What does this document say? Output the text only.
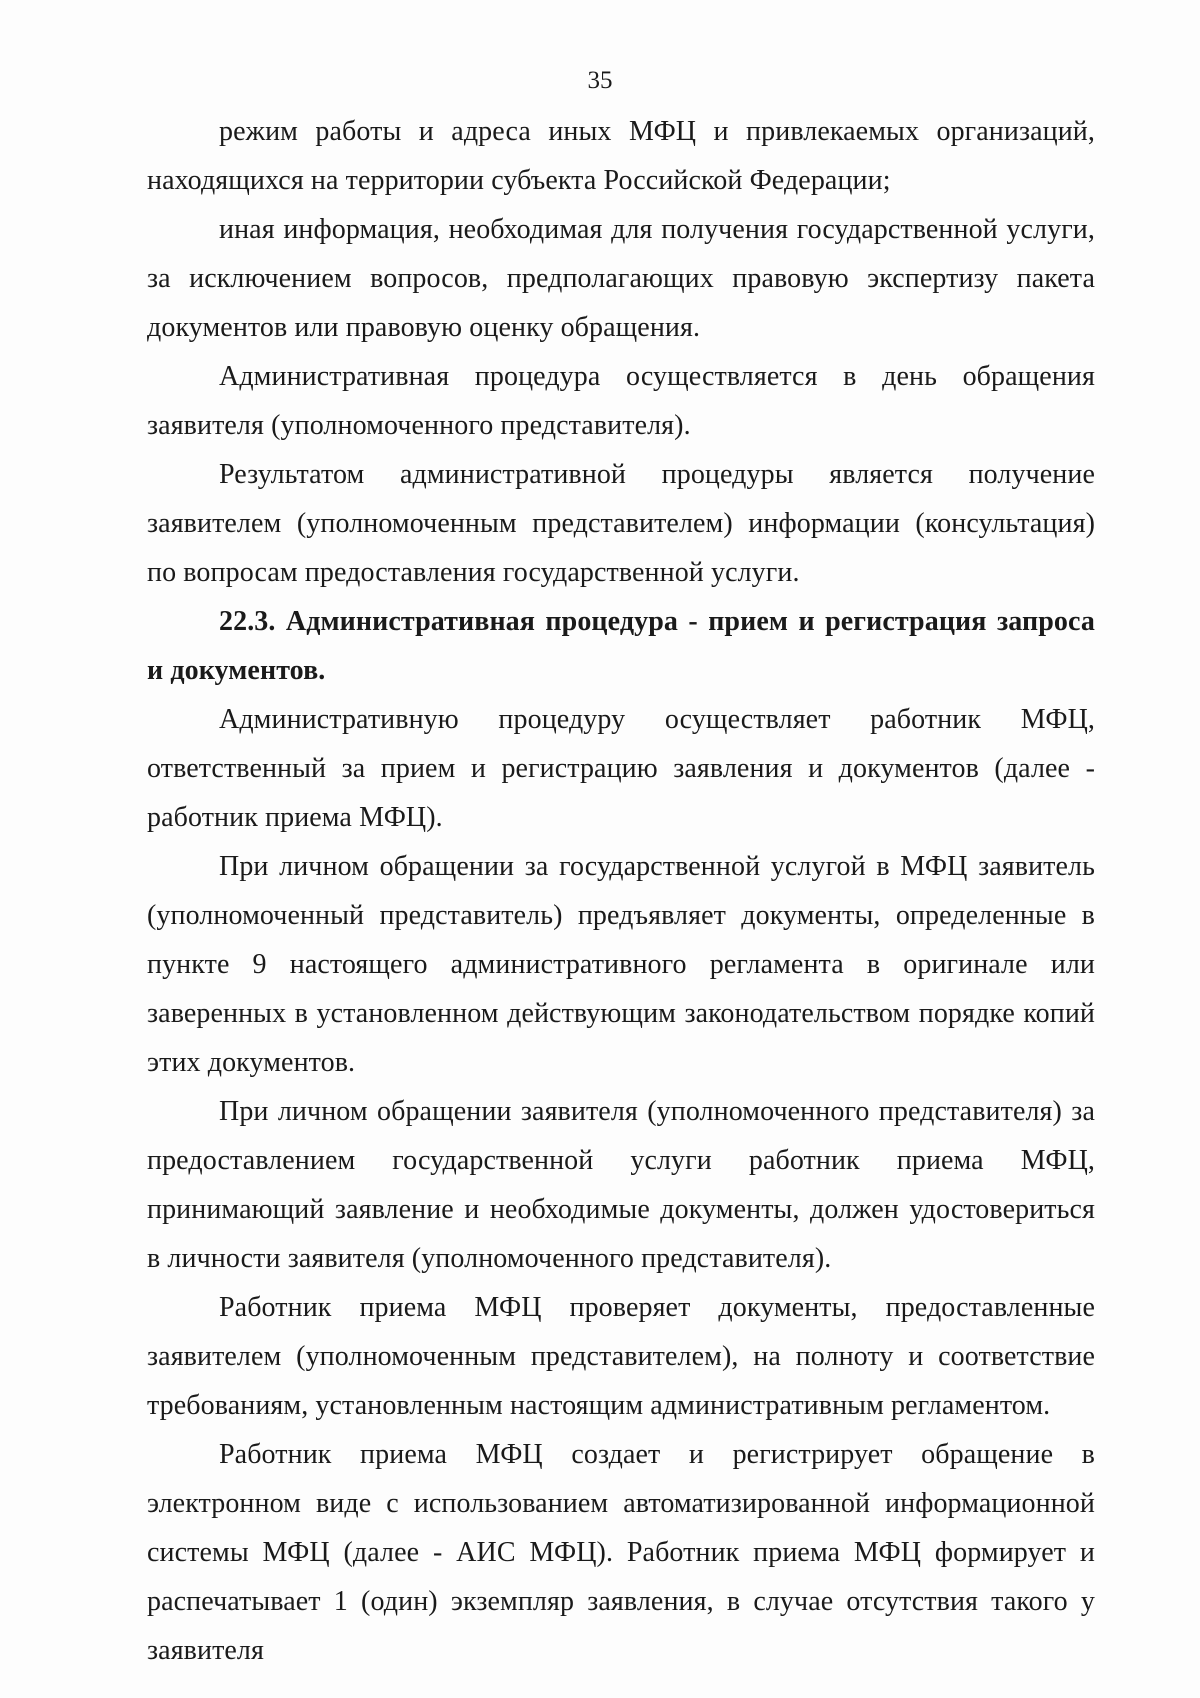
35

режим работы и адреса иных МФЦ и привлекаемых организаций, находящихся на территории субъекта Российской Федерации;

иная информация, необходимая для получения государственной услуги, за исключением вопросов, предполагающих правовую экспертизу пакета документов или правовую оценку обращения.

Административная процедура осуществляется в день обращения заявителя (уполномоченного представителя).

Результатом административной процедуры является получение заявителем (уполномоченным представителем) информации (консультация) по вопросам предоставления государственной услуги.

22.3. Административная процедура - прием и регистрация запроса и документов.

Административную процедуру осуществляет работник МФЦ, ответственный за прием и регистрацию заявления и документов (далее - работник приема МФЦ).

При личном обращении за государственной услугой в МФЦ заявитель (уполномоченный представитель) предъявляет документы, определенные в пункте 9 настоящего административного регламента в оригинале или заверенных в установленном действующим законодательством порядке копий этих документов.

При личном обращении заявителя (уполномоченного представителя) за предоставлением государственной услуги работник приема МФЦ, принимающий заявление и необходимые документы, должен удостовериться в личности заявителя (уполномоченного представителя).

Работник приема МФЦ проверяет документы, предоставленные заявителем (уполномоченным представителем), на полноту и соответствие требованиям, установленным настоящим административным регламентом.

Работник приема МФЦ создает и регистрирует обращение в электронном виде с использованием автоматизированной информационной системы МФЦ (далее - АИС МФЦ). Работник приема МФЦ формирует и распечатывает 1 (один) экземпляр заявления, в случае отсутствия такого у заявителя
